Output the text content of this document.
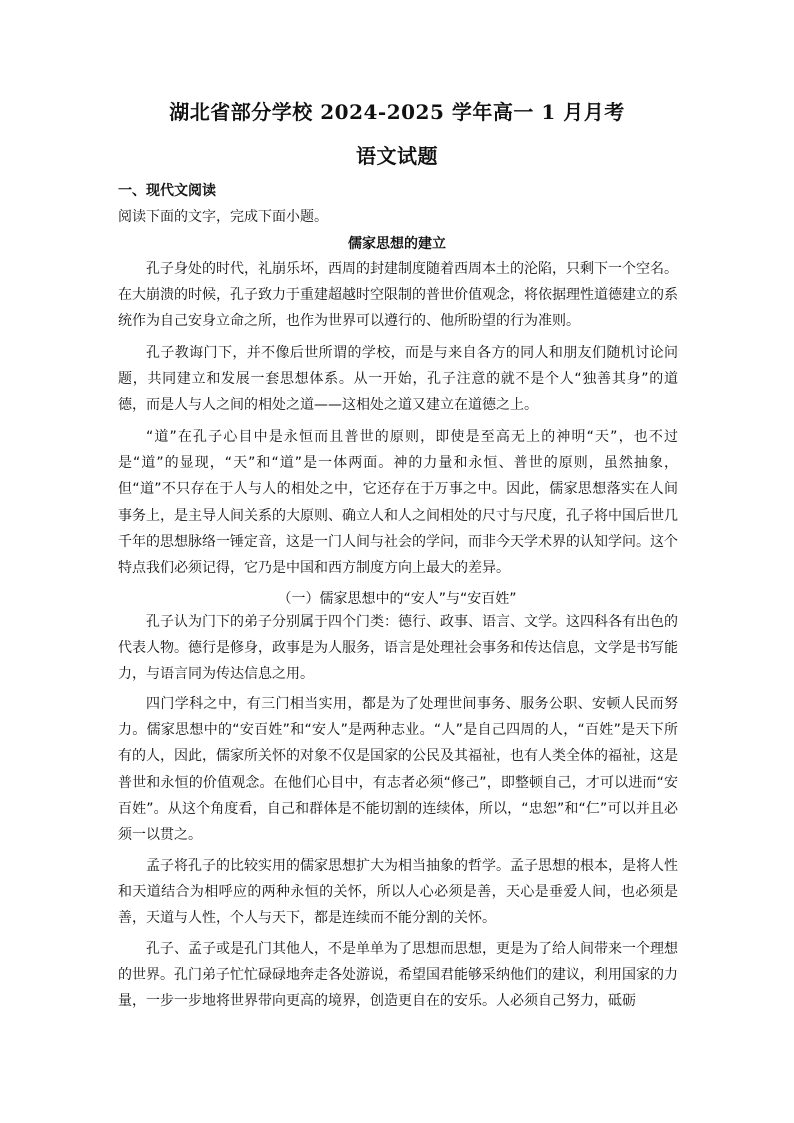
湖北省部分学校 2024-2025 学年高一 1 月月考
语文试题
一、现代文阅读
阅读下面的文字，完成下面小题。
儒家思想的建立

孔子身处的时代，礼崩乐坏，西周的封建制度随着西周本土的沦陷，只剩下一个空名。在大崩溃的时候，孔子致力于重建超越时空限制的普世价值观念，将依据理性道德建立的系统作为自己安身立命之所，也作为世界可以遵行的、他所盼望的行为准则。

孔子教诲门下，并不像后世所谓的学校，而是与来自各方的同人和朋友们随机讨论问题，共同建立和发展一套思想体系。从一开始，孔子注意的就不是个人“独善其身”的道德，而是人与人之间的相处之道——这相处之道又建立在道德之上。

“道”在孔子心目中是永恒而且普世的原则，即使是至高无上的神明“天”，也不过是“道”的显现，“天”和“道”是一体两面。神的力量和永恒、普世的原则，虽然抽象，但“道”不只存在于人与人的相处之中，它还存在于万事之中。因此，儒家思想落实在人间事务上，是主导人间关系的大原则、确立人和人之间相处的尺寸与尺度，孔子将中国后世几千年的思想脉络一锤定音，这是一门人间与社会的学问，而非今天学术界的认知学问。这个特点我们必须记得，它乃是中国和西方制度方向上最大的差异。

（一）儒家思想中的“安人”与“安百姓”

孔子认为门下的弟子分别属于四个门类：德行、政事、语言、文学。这四科各有出色的代表人物。德行是修身，政事是为人服务，语言是处理社会事务和传达信息，文学是书写能力，与语言同为传达信息之用。

四门学科之中，有三门相当实用，都是为了处理世间事务、服务公职、安顿人民而努力。儒家思想中的“安百姓”和“安人”是两种志业。“人”是自己四周的人，“百姓”是天下所有的人，因此，儒家所关怀的对象不仅是国家的公民及其福祉，也有人类全体的福祉，这是普世和永恒的价值观念。在他们心目中，有志者必须“修己”，即整顿自己，才可以进而“安百姓”。从这个角度看，自己和群体是不能切割的连续体，所以，“忠恕”和“仁”可以并且必须一以贯之。

孟子将孔子的比较实用的儒家思想扩大为相当抽象的哲学。孟子思想的根本，是将人性和天道结合为相呼应的两种永恒的关怀，所以人心必须是善，天心是垂爱人间，也必须是善，天道与人性，个人与天下，都是连续而不能分割的关怀。

孔子、孟子或是孔门其他人，不是单单为了思想而思想，更是为了给人间带来一个理想的世界。孔门弟子忙忙碌碌地奔走各处游说，希望国君能够采纳他们的建议，利用国家的力量，一步一步地将世界带向更高的境界，创造更自在的安乐。人必须自己努力，砥砺
